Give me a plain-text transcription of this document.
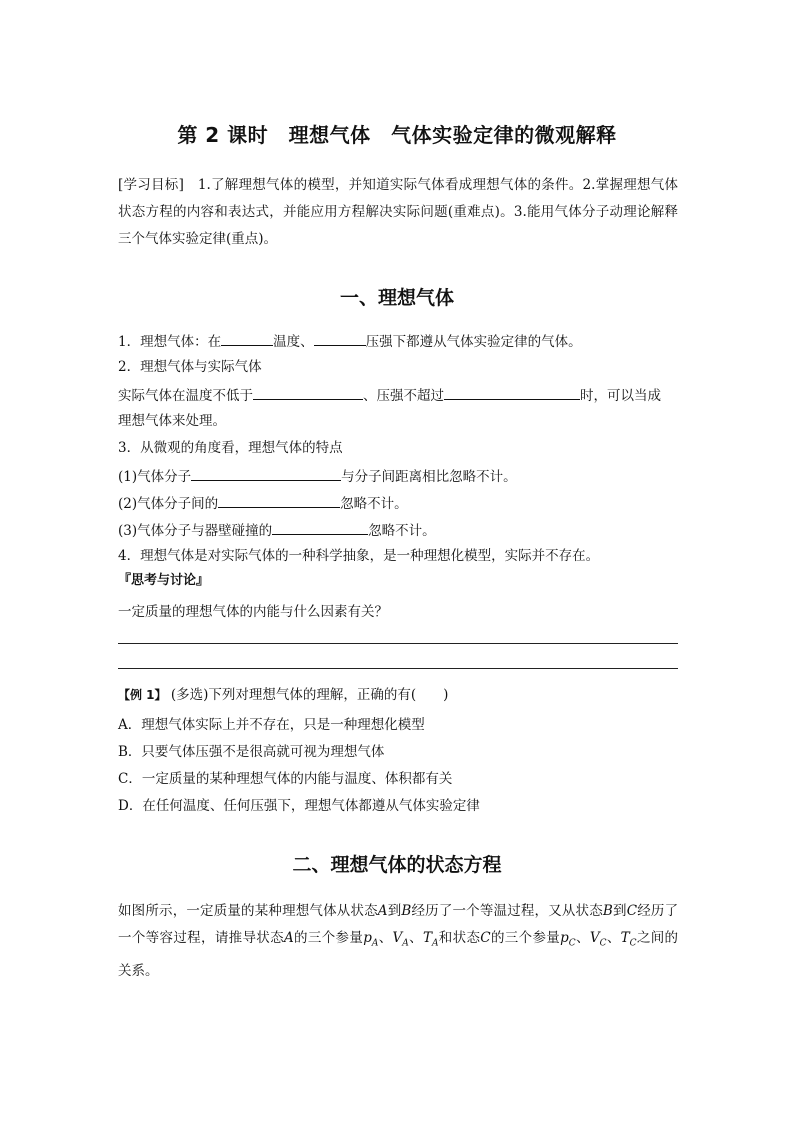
第 2 课时　理想气体　气体实验定律的微观解释
[学习目标]　1.了解理想气体的模型，并知道实际气体看成理想气体的条件。2.掌握理想气体状态方程的内容和表达式，并能应用方程解决实际问题(重难点)。3.能用气体分子动理论解释三个气体实验定律(重点)。
一、理想气体
1．理想气体：在	温度、	压强下都遵从气体实验定律的气体。
2．理想气体与实际气体
实际气体在温度不低于	、压强不超过	时，可以当成
理想气体来处理。
3．从微观的角度看，理想气体的特点
(1)气体分子	与分子间距离相比忽略不计。
(2)气体分子间的	忽略不计。
(3)气体分子与器壁碰撞的	忽略不计。
4．理想气体是对实际气体的一种科学抽象，是一种理想化模型，实际并不存在。
『思考与讨论』
一定质量的理想气体的内能与什么因素有关？
【例 1】 (多选)下列对理想气体的理解，正确的有(　　)
A．理想气体实际上并不存在，只是一种理想化模型
B．只要气体压强不是很高就可视为理想气体
C．一定质量的某种理想气体的内能与温度、体积都有关
D．在任何温度、任何压强下，理想气体都遵从气体实验定律
二、理想气体的状态方程
如图所示，一定质量的某种理想气体从状态A到B经历了一个等温过程，又从状态B到C经历了一个等容过程，请推导状态A的三个参量$p_A$、$V_A$、$T_A$和状态C的三个参量$p_C$、$V_C$、$T_C$之间的关系。
